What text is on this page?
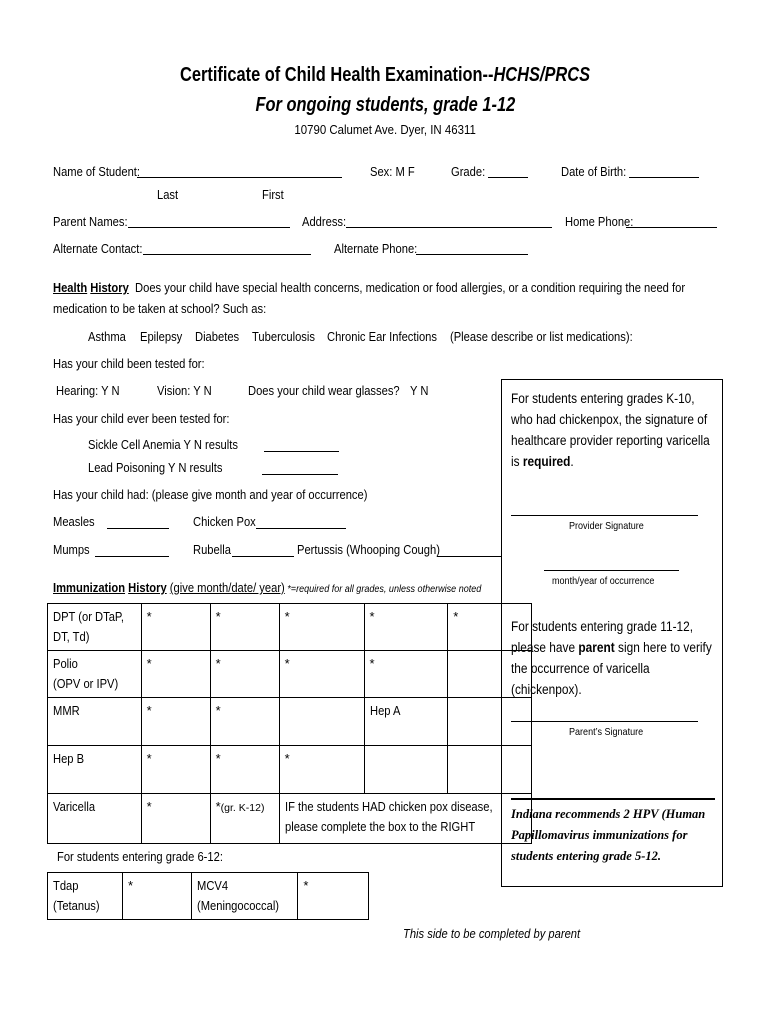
Certificate of Child Health Examination--HCHS/PRCS
For ongoing students, grade 1-12
10790 Calumet Ave. Dyer, IN 46311
Name of Student:	Sex: M F	Grade:	Date of Birth:
Last	First
Parent Names:	Address:	Home Phone:
Alternate Contact:	Alternate Phone:
Health History Does your child have special health concerns, medication or food allergies, or a condition requiring the need for
medication to be taken at school? Such as:
Asthma	Epilepsy Diabetes Tuberculosis Chronic Ear Infections	(Please describe or list medications):
Has your child been tested for:
Hearing: Y N	Vision: Y N	Does your child wear glasses? Y N
Has your child ever been tested for:
Sickle Cell Anemia Y N results
Lead Poisoning Y N results
Has your child had: (please give month and year of occurrence)
Measles	Chicken Pox
Mumps	Rubella	Pertussis (Whooping Cough)
Immunization History (give month/date/ year) *=required for all grades, unless otherwise noted
DPT (or DTaP,
DT, Td)	*	*	*	*	*
Polio
(OPV or IPV)	*	*	*	*	
MMR	*	*		Hep A	
Hep B	*	*	*		
Varicella	*	*(gr. K-12)	IF the students HAD chicken pox disease,
please complete the box to the RIGHT		
For students entering grade 6-12:
Tdap
(Tetanus)	*	MCV4
(Meningococcal)	*
For students entering grades K-10, who had chickenpox, the signature of healthcare provider reporting varicella is required.
Provider Signature
month/year of occurrence
For students entering grade 11-12, please have parent sign here to verify the occurrence of varicella (chickenpox).
Parent’s Signature
Indiana recommends 2 HPV (Human Papillomavirus immunizations for students entering grade 5-12.
This side to be completed by parent
